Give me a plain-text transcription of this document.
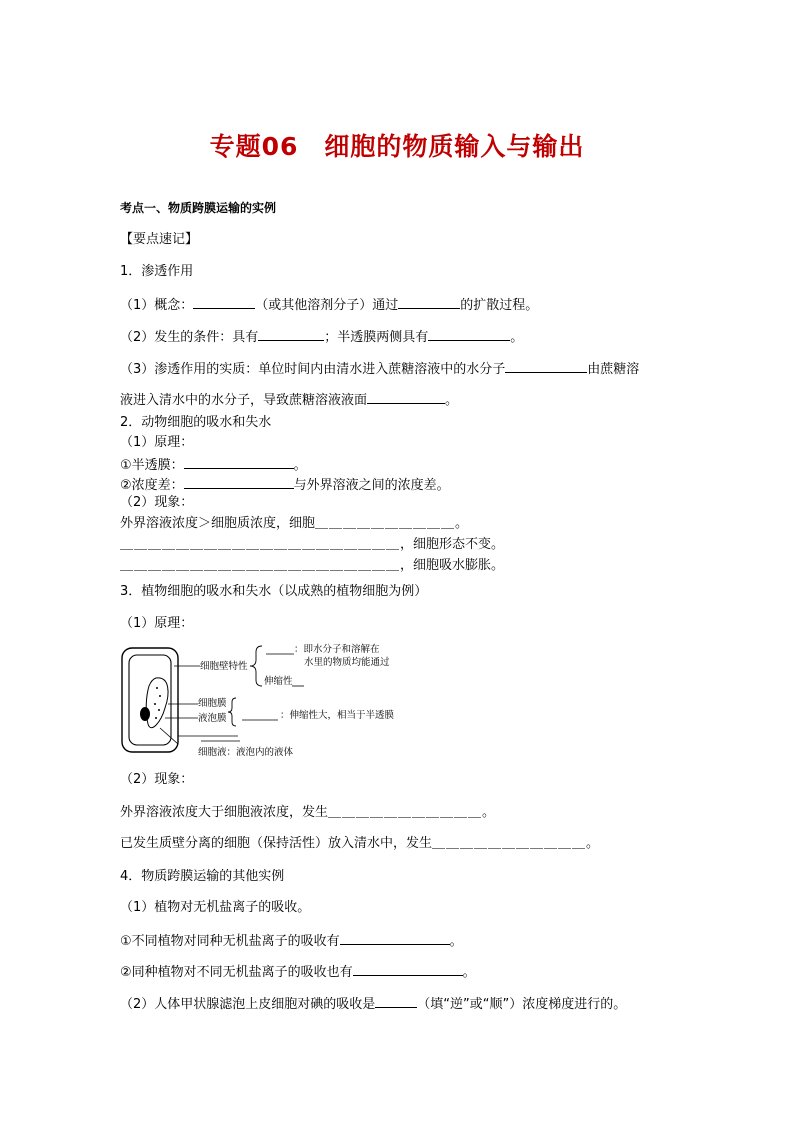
专题06　细胞的物质输入与输出
考点一、物质跨膜运输的实例
【要点速记】
1．渗透作用
（1）概念：	（或其他溶剂分子）通过	的扩散过程。
（2）发生的条件：具有	；半透膜两侧具有	。
（3）渗透作用的实质：单位时间内由清水进入蔗糖溶液中的水分子	由蔗糖溶
液进入清水中的水分子，导致蔗糖溶液液面	。
2．动物细胞的吸水和失水
（1）原理：
①半透膜：	。
②浓度差：	与外界溶液之间的浓度差。
（2）现象：
外界溶液浓度＞细胞质浓度，细胞＿＿＿＿＿＿＿＿＿＿。
＿＿＿＿＿＿＿＿＿＿＿＿＿＿＿＿＿＿＿＿，细胞形态不变。
＿＿＿＿＿＿＿＿＿＿＿＿＿＿＿＿＿＿＿＿，细胞吸水膨胀。
3．植物细胞的吸水和失水（以成熟的植物细胞为例）
（1）原理：
细胞壁特性
：即水分子和溶解在
水里的物质均能通过
伸缩性
细胞膜
液泡膜	：伸缩性大，相当于半透膜
细胞液：液泡内的液体
（2）现象：
外界溶液浓度大于细胞液浓度，发生＿＿＿＿＿＿＿＿＿＿＿。
已发生质壁分离的细胞（保持活性）放入清水中，发生＿＿＿＿＿＿＿＿＿＿＿。
4．物质跨膜运输的其他实例
（1）植物对无机盐离子的吸收。
①不同植物对同种无机盐离子的吸收有	。
②同种植物对不同无机盐离子的吸收也有	。
（2）人体甲状腺滤泡上皮细胞对碘的吸收是	（填“逆”或“顺”）浓度梯度进行的。
